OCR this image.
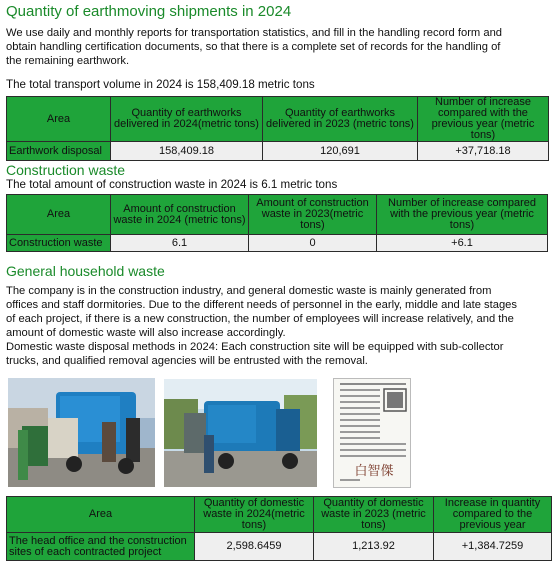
Quantity of earthmoving shipments in 2024
We use daily and monthly reports for transportation statistics, and fill in the handling record form and
obtain handling certification documents, so that there is a complete set of records for the handling of
the remaining earthwork.
The total transport volume in 2024 is 158,409.18 metric tons
Area	Quantity of earthworks delivered in 2024(metric tons)	Quantity of earthworks delivered in 2023 (metric tons)	Number of increase compared with the previous year (metric tons)
Earthwork disposal	158,409.18	120,691	+37,718.18
Construction waste
The total amount of construction waste in 2024 is 6.1 metric tons
Area	Amount of construction waste in 2024 (metric tons)	Amount of construction waste in 2023(metric tons)	Number of increase compared with the previous year (metric tons)
Construction waste	6.1	0	+6.1
General household waste
The company is in the construction industry, and general domestic waste is mainly generated from
offices and staff dormitories. Due to the different needs of personnel in the early, middle and late stages
of each project, if there is a new construction, the number of employees will increase relatively, and the
amount of domestic waste will also increase accordingly.
Domestic waste disposal methods in 2024: Each construction site will be equipped with sub-collector
trucks, and qualified removal agencies will be entrusted with the removal.
白智傑
Area	Quantity of domestic waste in 2024(metric tons)	Quantity of domestic waste in 2023 (metric tons)	Increase in quantity compared to the previous year
The head office and the construction sites of each contracted project	2,598.6459	1,213.92	+1,384.7259
